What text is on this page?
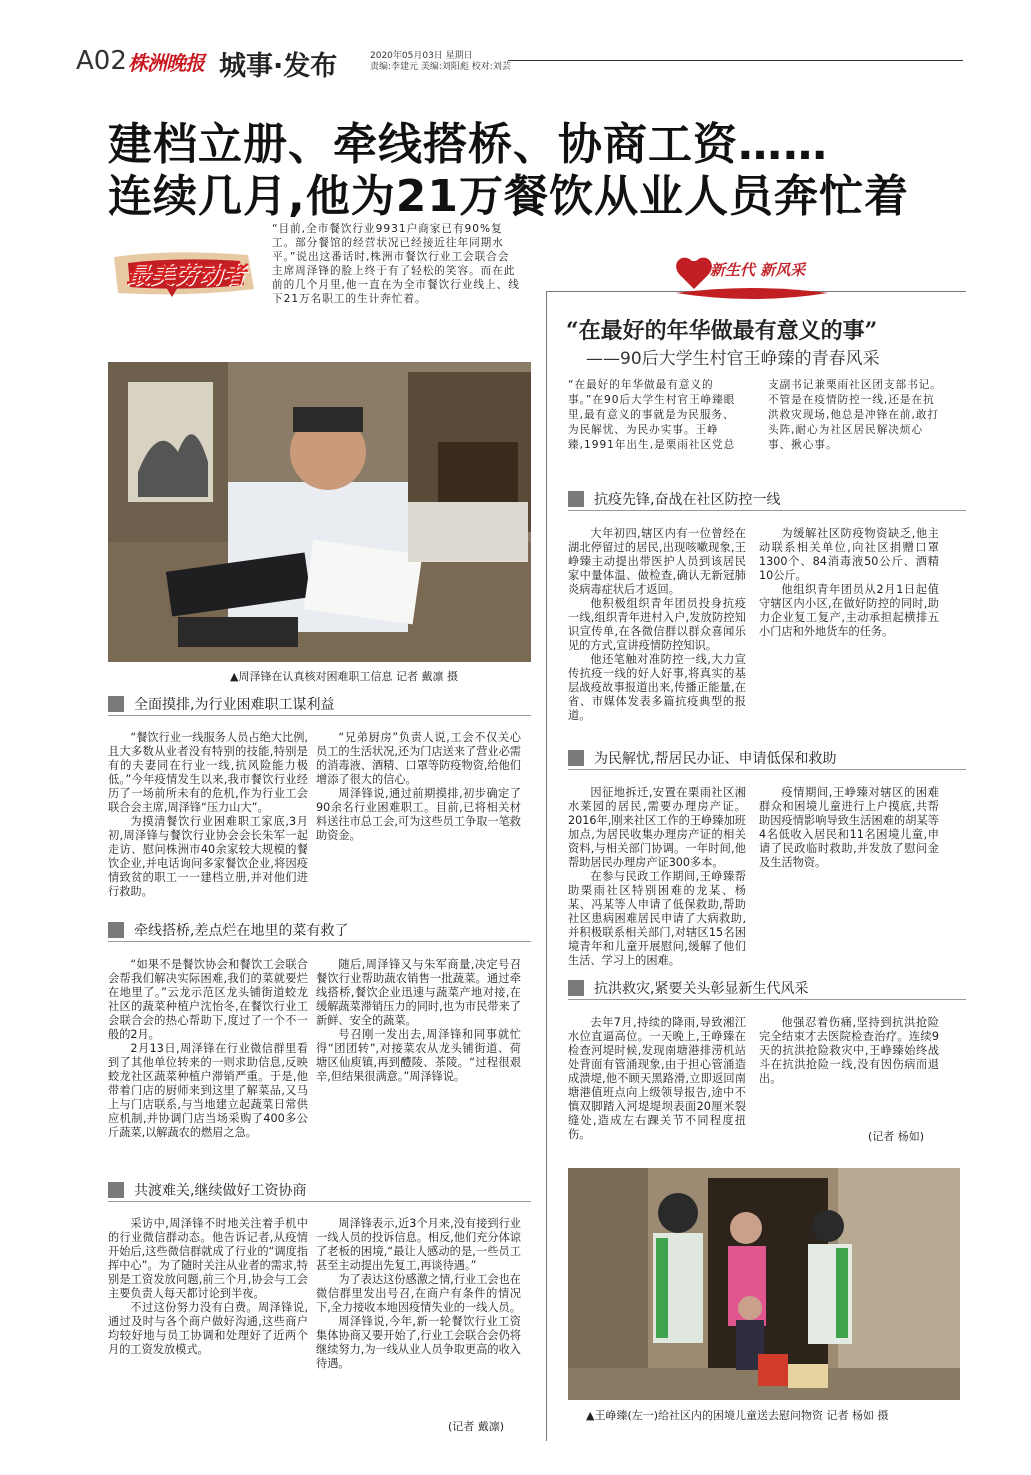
A02 株洲晚报 城事·发布	2020年05月03日 星期日
责编:李建元 美编:刘阳彪 校对:刘芸
建档立册、牵线搭桥、协商工资……
连续几月,他为21万餐饮从业人员奔忙着
最美劳动者
“目前,全市餐饮行业9931户商家已有90%复工。部分餐馆的经营状况已经接近往年同期水平。”说出这番话时,株洲市餐饮行业工会联合会主席周泽锋的脸上终于有了轻松的笑容。而在此前的几个月里,他一直在为全市餐饮行业线上、线下21万名职工的生计奔忙着。
▲周泽锋在认真核对困难职工信息 记者 戴凛 摄
全面摸排,为行业困难职工谋利益

“餐饮行业一线服务人员占绝大比例,且大多数从业者没有特别的技能,特别是有的夫妻同在行业一线,抗风险能力极低。”今年疫情发生以来,我市餐饮行业经历了一场前所未有的危机,作为行业工会联合会主席,周泽锋“压力山大”。

为摸清餐饮行业困难职工家底,3月初,周泽锋与餐饮行业协会会长朱军一起走访、慰问株洲市40余家较大规模的餐饮企业,并电话询问多家餐饮企业,将因疫情致贫的职工一一建档立册,并对他们进行救助。

“兄弟厨房”负责人说,工会不仅关心员工的生活状况,还为门店送来了营业必需的消毒液、酒精、口罩等防疫物资,给他们增添了很大的信心。

周泽锋说,通过前期摸排,初步确定了90余名行业困难职工。目前,已将相关材料送往市总工会,可为这些员工争取一笔救助资金。

牵线搭桥,差点烂在地里的菜有救了

“如果不是餐饮协会和餐饮工会联合会帮我们解决实际困难,我们的菜就要烂在地里了。”云龙示范区龙头铺街道蛟龙社区的蔬菜种植户沈怡冬,在餐饮行业工会联合会的热心帮助下,度过了一个不一般的2月。

2月13日,周泽锋在行业微信群里看到了其他单位转来的一则求助信息,反映蛟龙社区蔬菜种植户滞销严重。于是,他带着门店的厨师来到这里了解菜品,又马上与门店联系,与当地建立起蔬菜日常供应机制,并协调门店当场采购了400多公斤蔬菜,以解蔬农的燃眉之急。

随后,周泽锋又与朱军商量,决定号召餐饮行业帮助蔬农销售一批蔬菜。通过牵线搭桥,餐饮企业迅速与蔬菜产地对接,在缓解蔬菜滞销压力的同时,也为市民带来了新鲜、安全的蔬菜。

号召刚一发出去,周泽锋和同事就忙得“团团转”,对接菜农从龙头铺街道、荷塘区仙庾镇,再到醴陵、茶陵。“过程很艰辛,但结果很满意。”周泽锋说。

共渡难关,继续做好工资协商

采访中,周泽锋不时地关注着手机中的行业微信群动态。他告诉记者,从疫情开始后,这些微信群就成了行业的“调度指挥中心”。为了随时关注从业者的需求,特别是工资发放问题,前三个月,协会与工会主要负责人每天都讨论到半夜。

不过这份努力没有白费。周泽锋说,通过及时与各个商户做好沟通,这些商户均较好地与员工协调和处理好了近两个月的工资发放模式。

周泽锋表示,近3个月来,没有接到行业一线人员的投诉信息。相反,他们充分体谅了老板的困境,“最让人感动的是,一些员工甚至主动提出先复工,再谈待遇。”

为了表达这份感激之情,行业工会也在微信群里发出号召,在商户有条件的情况下,全力接收本地因疫情失业的一线人员。

周泽锋说,今年,新一轮餐饮行业工资集体协商又要开始了,行业工会联合会仍将继续努力,为一线从业人员争取更高的收入待遇。

(记者 戴凛)
新生代 新风采
“在最好的年华做最有意义的事”
——90后大学生村官王峥臻的青春风采
“在最好的年华做最有意义的事。”在90后大学生村官王峥臻眼里,最有意义的事就是为民服务、为民解忧、为民办实事。王峥臻,1991年出生,是栗雨社区党总支副书记兼栗雨社区团支部书记。不管是在疫情防控一线,还是在抗洪救灾现场,他总是冲锋在前,敢打头阵,耐心为社区居民解决烦心事、揪心事。
抗疫先锋,奋战在社区防控一线

大年初四,辖区内有一位曾经在湖北停留过的居民,出现咳嗽现象,王峥臻主动提出带医护人员到该居民家中量体温、做检查,确认无新冠肺炎病毒症状后才返回。

他积极组织青年团员投身抗疫一线,组织青年进村入户,发放防控知识宣传单,在各微信群以群众喜闻乐见的方式,宣讲疫情防控知识。

他还笔触对准防控一线,大力宣传抗疫一线的好人好事,将真实的基层战疫故事报道出来,传播正能量,在省、市媒体发表多篇抗疫典型的报道。

为缓解社区防疫物资缺乏,他主动联系相关单位,向社区捐赠口罩1300个、84消毒液50公斤、酒精10公斤。

他组织青年团员从2月1日起值守辖区内小区,在做好防控的同时,助力企业复工复产,主动承担起横排五小门店和外地货车的任务。

为民解忧,帮居民办证、申请低保和救助

因征地拆迁,安置在栗雨社区湘水莱园的居民,需要办理房产证。2016年,刚来社区工作的王峥臻加班加点,为居民收集办理房产证的相关资料,与相关部门协调。一年时间,他帮助居民办理房产证300多本。

在参与民政工作期间,王峥臻帮助栗雨社区特别困难的龙某、杨某、冯某等人申请了低保救助,帮助社区患病困难居民申请了大病救助,并积极联系相关部门,对辖区15名困境青年和儿童开展慰问,缓解了他们生活、学习上的困难。

疫情期间,王峥臻对辖区的困难群众和困境儿童进行上户摸底,共帮助因疫情影响导致生活困难的胡某等4名低收入居民和11名困境儿童,申请了民政临时救助,并发放了慰问金及生活物资。

抗洪救灾,紧要关头彰显新生代风采

去年7月,持续的降雨,导致湘江水位直逼高位。一天晚上,王峥臻在检查河堤时候,发现南塘港排涝机站处背面有管涌现象,由于担心管涌造成溃堤,他不顾天黑路滑,立即返回南塘港值班点向上级领导报告,途中不慎双脚踏入河堤堤坝表面20厘米裂缝处,造成左右踝关节不同程度扭伤。

他强忍着伤痛,坚持到抗洪抢险完全结束才去医院检查治疗。连续9天的抗洪抢险救灾中,王峥臻始终战斗在抗洪抢险一线,没有因伤病而退出。

(记者 杨如)
▲王峥臻(左一)给社区内的困境儿童送去慰问物资 记者 杨如 摄
